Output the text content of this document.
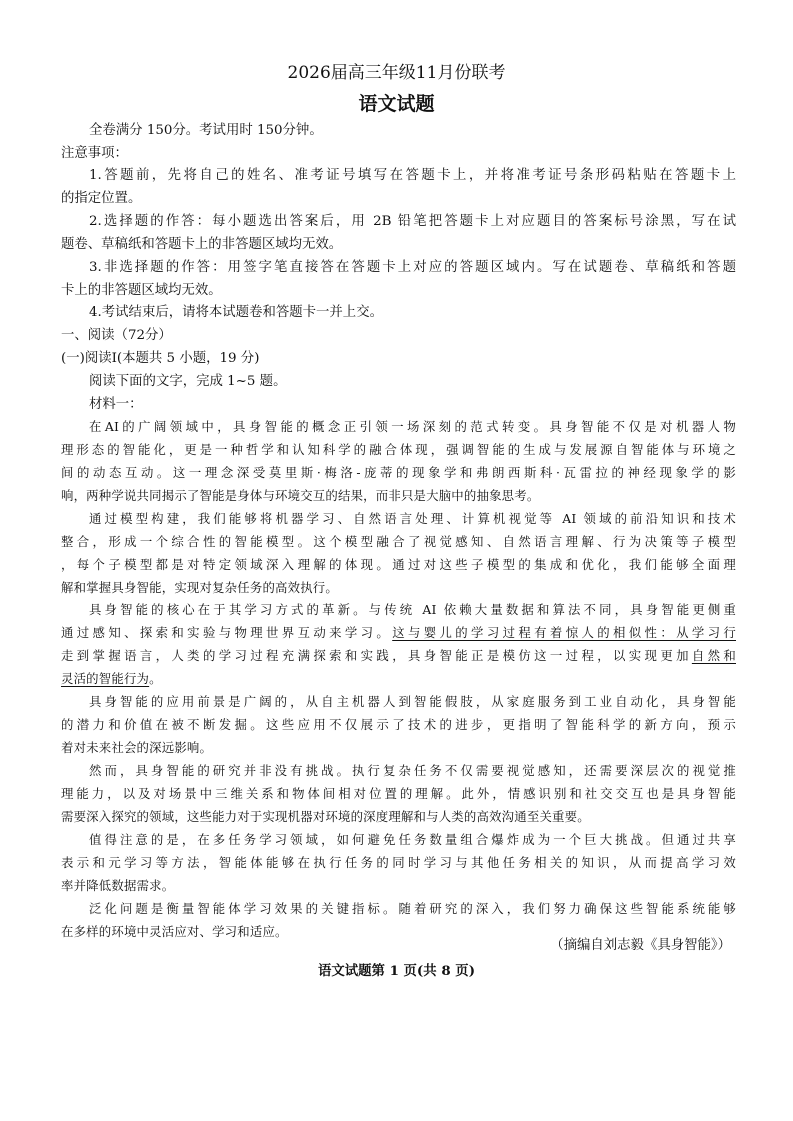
2026届高三年级11月份联考
语文试题
全卷满分 150分。考试用时 150分钟。
注意事项：
1.答题前，先将自己的姓名、准考证号填写在答题卡上，并将准考证号条形码粘贴在答题卡上
的指定位置。
2.选择题的作答：每小题选出答案后，用 2B 铅笔把答题卡上对应题目的答案标号涂黑，写在试
题卷、草稿纸和答题卡上的非答题区域均无效。
3.非选择题的作答：用签字笔直接答在答题卡上对应的答题区域内。写在试题卷、草稿纸和答题
卡上的非答题区域均无效。
4.考试结束后，请将本试题卷和答题卡一并上交。
一、阅读（72分）
(一)阅读Ⅰ(本题共 5 小题，19 分)
阅读下面的文字，完成 1~5 题。
材料一：
在AI的广阔领域中，具身智能的概念正引领一场深刻的范式转变。具身智能不仅是对机器人物
理形态的智能化，更是一种哲学和认知科学的融合体现，强调智能的生成与发展源自智能体与环境之
间的动态互动。这一理念深受莫里斯·梅洛-庞蒂的现象学和弗朗西斯科·瓦雷拉的神经现象学的影
响，两种学说共同揭示了智能是身体与环境交互的结果，而非只是大脑中的抽象思考。
通过模型构建，我们能够将机器学习、自然语言处理、计算机视觉等 AI 领域的前沿知识和技术
整合，形成一个综合性的智能模型。这个模型融合了视觉感知、自然语言理解、行为决策等子模型
，每个子模型都是对特定领域深入理解的体现。通过对这些子模型的集成和优化，我们能够全面理
解和掌握具身智能，实现对复杂任务的高效执行。
具身智能的核心在于其学习方式的革新。与传统 AI 依赖大量数据和算法不同，具身智能更侧重
通过感知、探索和实验与物理世界互动来学习。这与婴儿的学习过程有着惊人的相似性：从学习行
走到掌握语言，人类的学习过程充满探索和实践，具身智能正是模仿这一过程，以实现更加自然和
灵活的智能行为。
具身智能的应用前景是广阔的，从自主机器人到智能假肢，从家庭服务到工业自动化，具身智能
的潜力和价值在被不断发掘。这些应用不仅展示了技术的进步，更指明了智能科学的新方向，预示
着对未来社会的深远影响。
然而，具身智能的研究并非没有挑战。执行复杂任务不仅需要视觉感知，还需要深层次的视觉推
理能力，以及对场景中三维关系和物体间相对位置的理解。此外，情感识别和社交交互也是具身智能
需要深入探究的领域，这些能力对于实现机器对环境的深度理解和与人类的高效沟通至关重要。
值得注意的是，在多任务学习领域，如何避免任务数量组合爆炸成为一个巨大挑战。但通过共享
表示和元学习等方法，智能体能够在执行任务的同时学习与其他任务相关的知识，从而提高学习效
率并降低数据需求。
泛化问题是衡量智能体学习效果的关键指标。随着研究的深入，我们努力确保这些智能系统能够
在多样的环境中灵活应对、学习和适应。
（摘编自刘志毅《具身智能》）
语文试题第 1 页(共 8 页)
